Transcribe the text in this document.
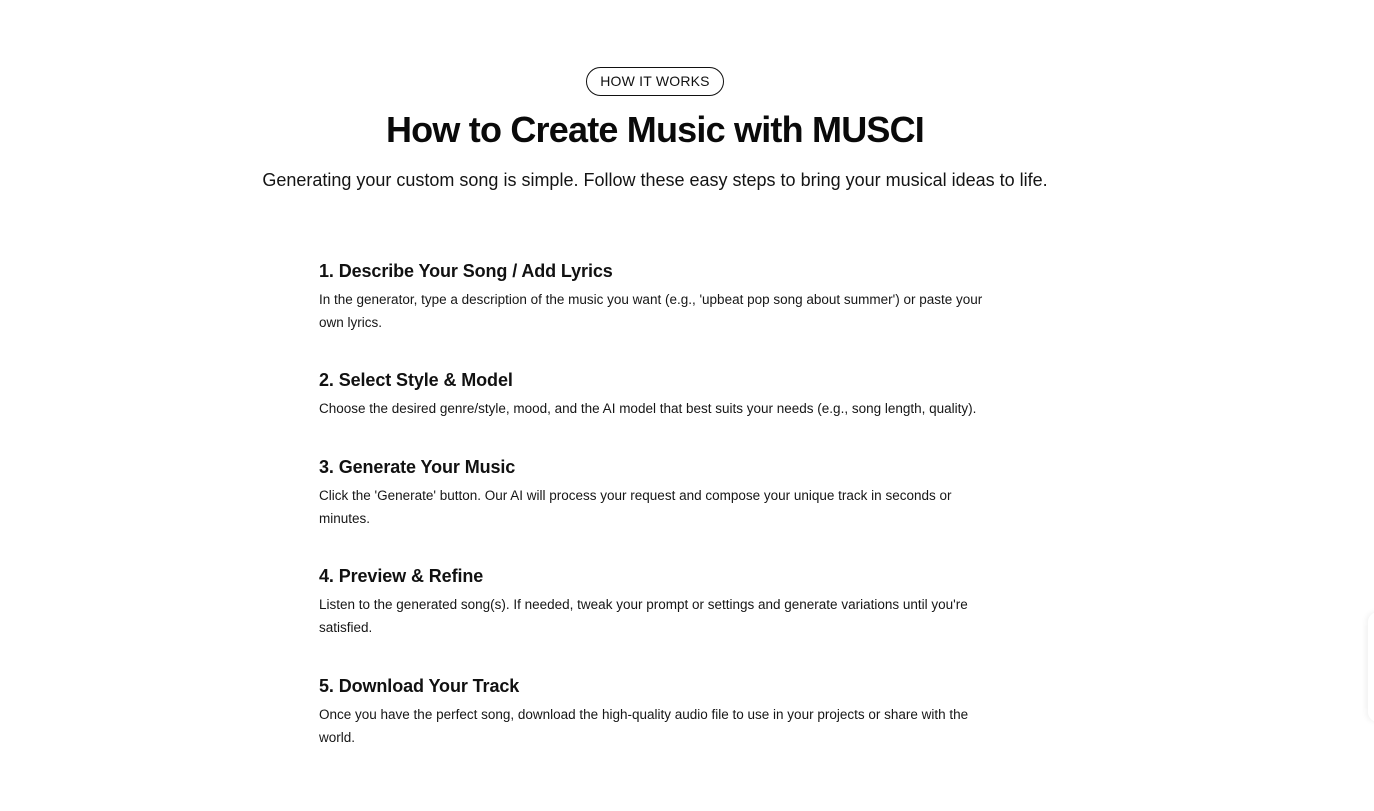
HOW IT WORKS
How to Create Music with MUSCI

Generating your custom song is simple. Follow these easy steps to bring your musical ideas to life.

1. Describe Your Song / Add Lyrics

In the generator, type a description of the music you want (e.g., 'upbeat pop song about summer') or paste your own lyrics.

2. Select Style & Model

Choose the desired genre/style, mood, and the AI model that best suits your needs (e.g., song length, quality).

3. Generate Your Music

Click the 'Generate' button. Our AI will process your request and compose your unique track in seconds or minutes.

4. Preview & Refine

Listen to the generated song(s). If needed, tweak your prompt or settings and generate variations until you're satisfied.

5. Download Your Track

Once you have the perfect song, download the high-quality audio file to use in your projects or share with the world.
